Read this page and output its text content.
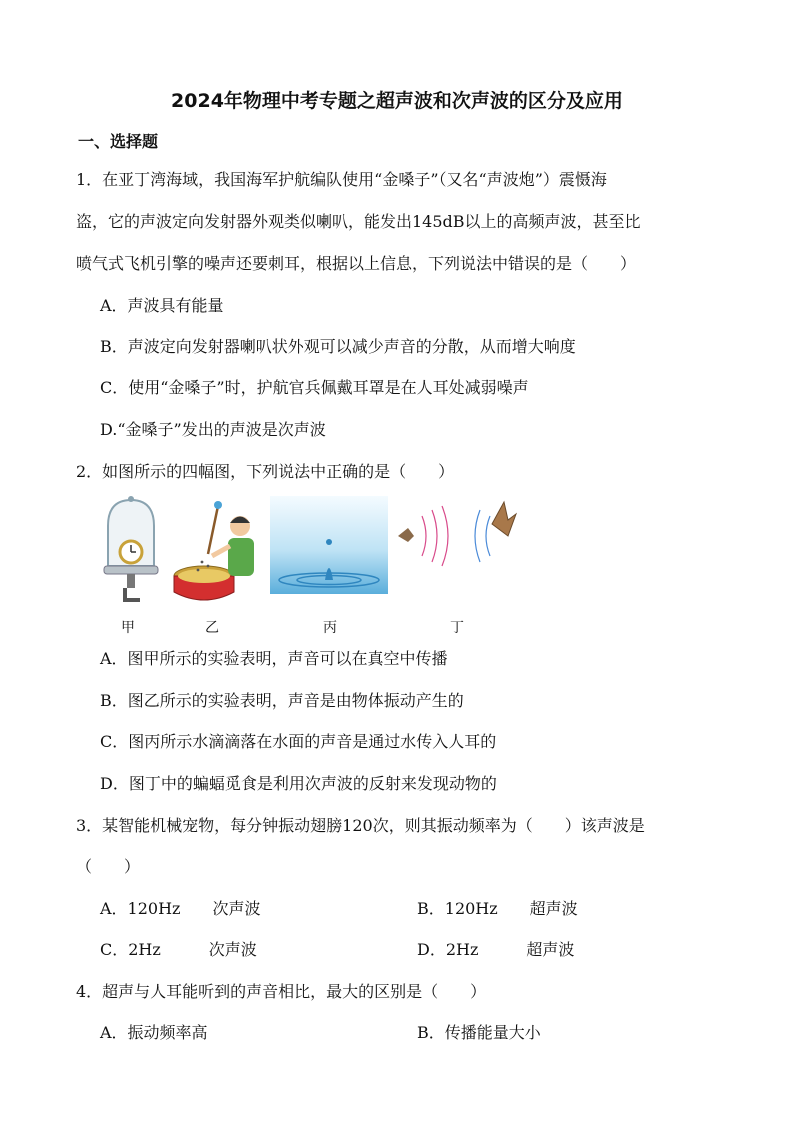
2024年物理中考专题之超声波和次声波的区分及应用
一、选择题
1．在亚丁湾海域，我国海军护航编队使用“金嗓子”（又名“声波炮”）震慑海
盗，它的声波定向发射器外观类似喇叭，能发出145dB以上的高频声波，甚至比
喷气式飞机引擎的噪声还要刺耳，根据以上信息，下列说法中错误的是（　　）
A．声波具有能量
B．声波定向发射器喇叭状外观可以减少声音的分散，从而增大响度
C．使用“金嗓子”时，护航官兵佩戴耳罩是在人耳处减弱噪声
D.“金嗓子”发出的声波是次声波
2．如图所示的四幅图，下列说法中正确的是（　　）
甲	乙	丙	丁
A．图甲所示的实验表明，声音可以在真空中传播
B．图乙所示的实验表明，声音是由物体振动产生的
C．图丙所示水滴滴落在水面的声音是通过水传入人耳的
D．图丁中的蝙蝠觅食是利用次声波的反射来发现动物的
3．某智能机械宠物，每分钟振动翅膀120次，则其振动频率为（　　）该声波是
（　　）
A．120Hz　　次声波	B．120Hz　　超声波
C．2Hz　　　次声波	D．2Hz　　　超声波
4．超声与人耳能听到的声音相比，最大的区别是（　　）
A．振动频率高	B．传播能量大小
